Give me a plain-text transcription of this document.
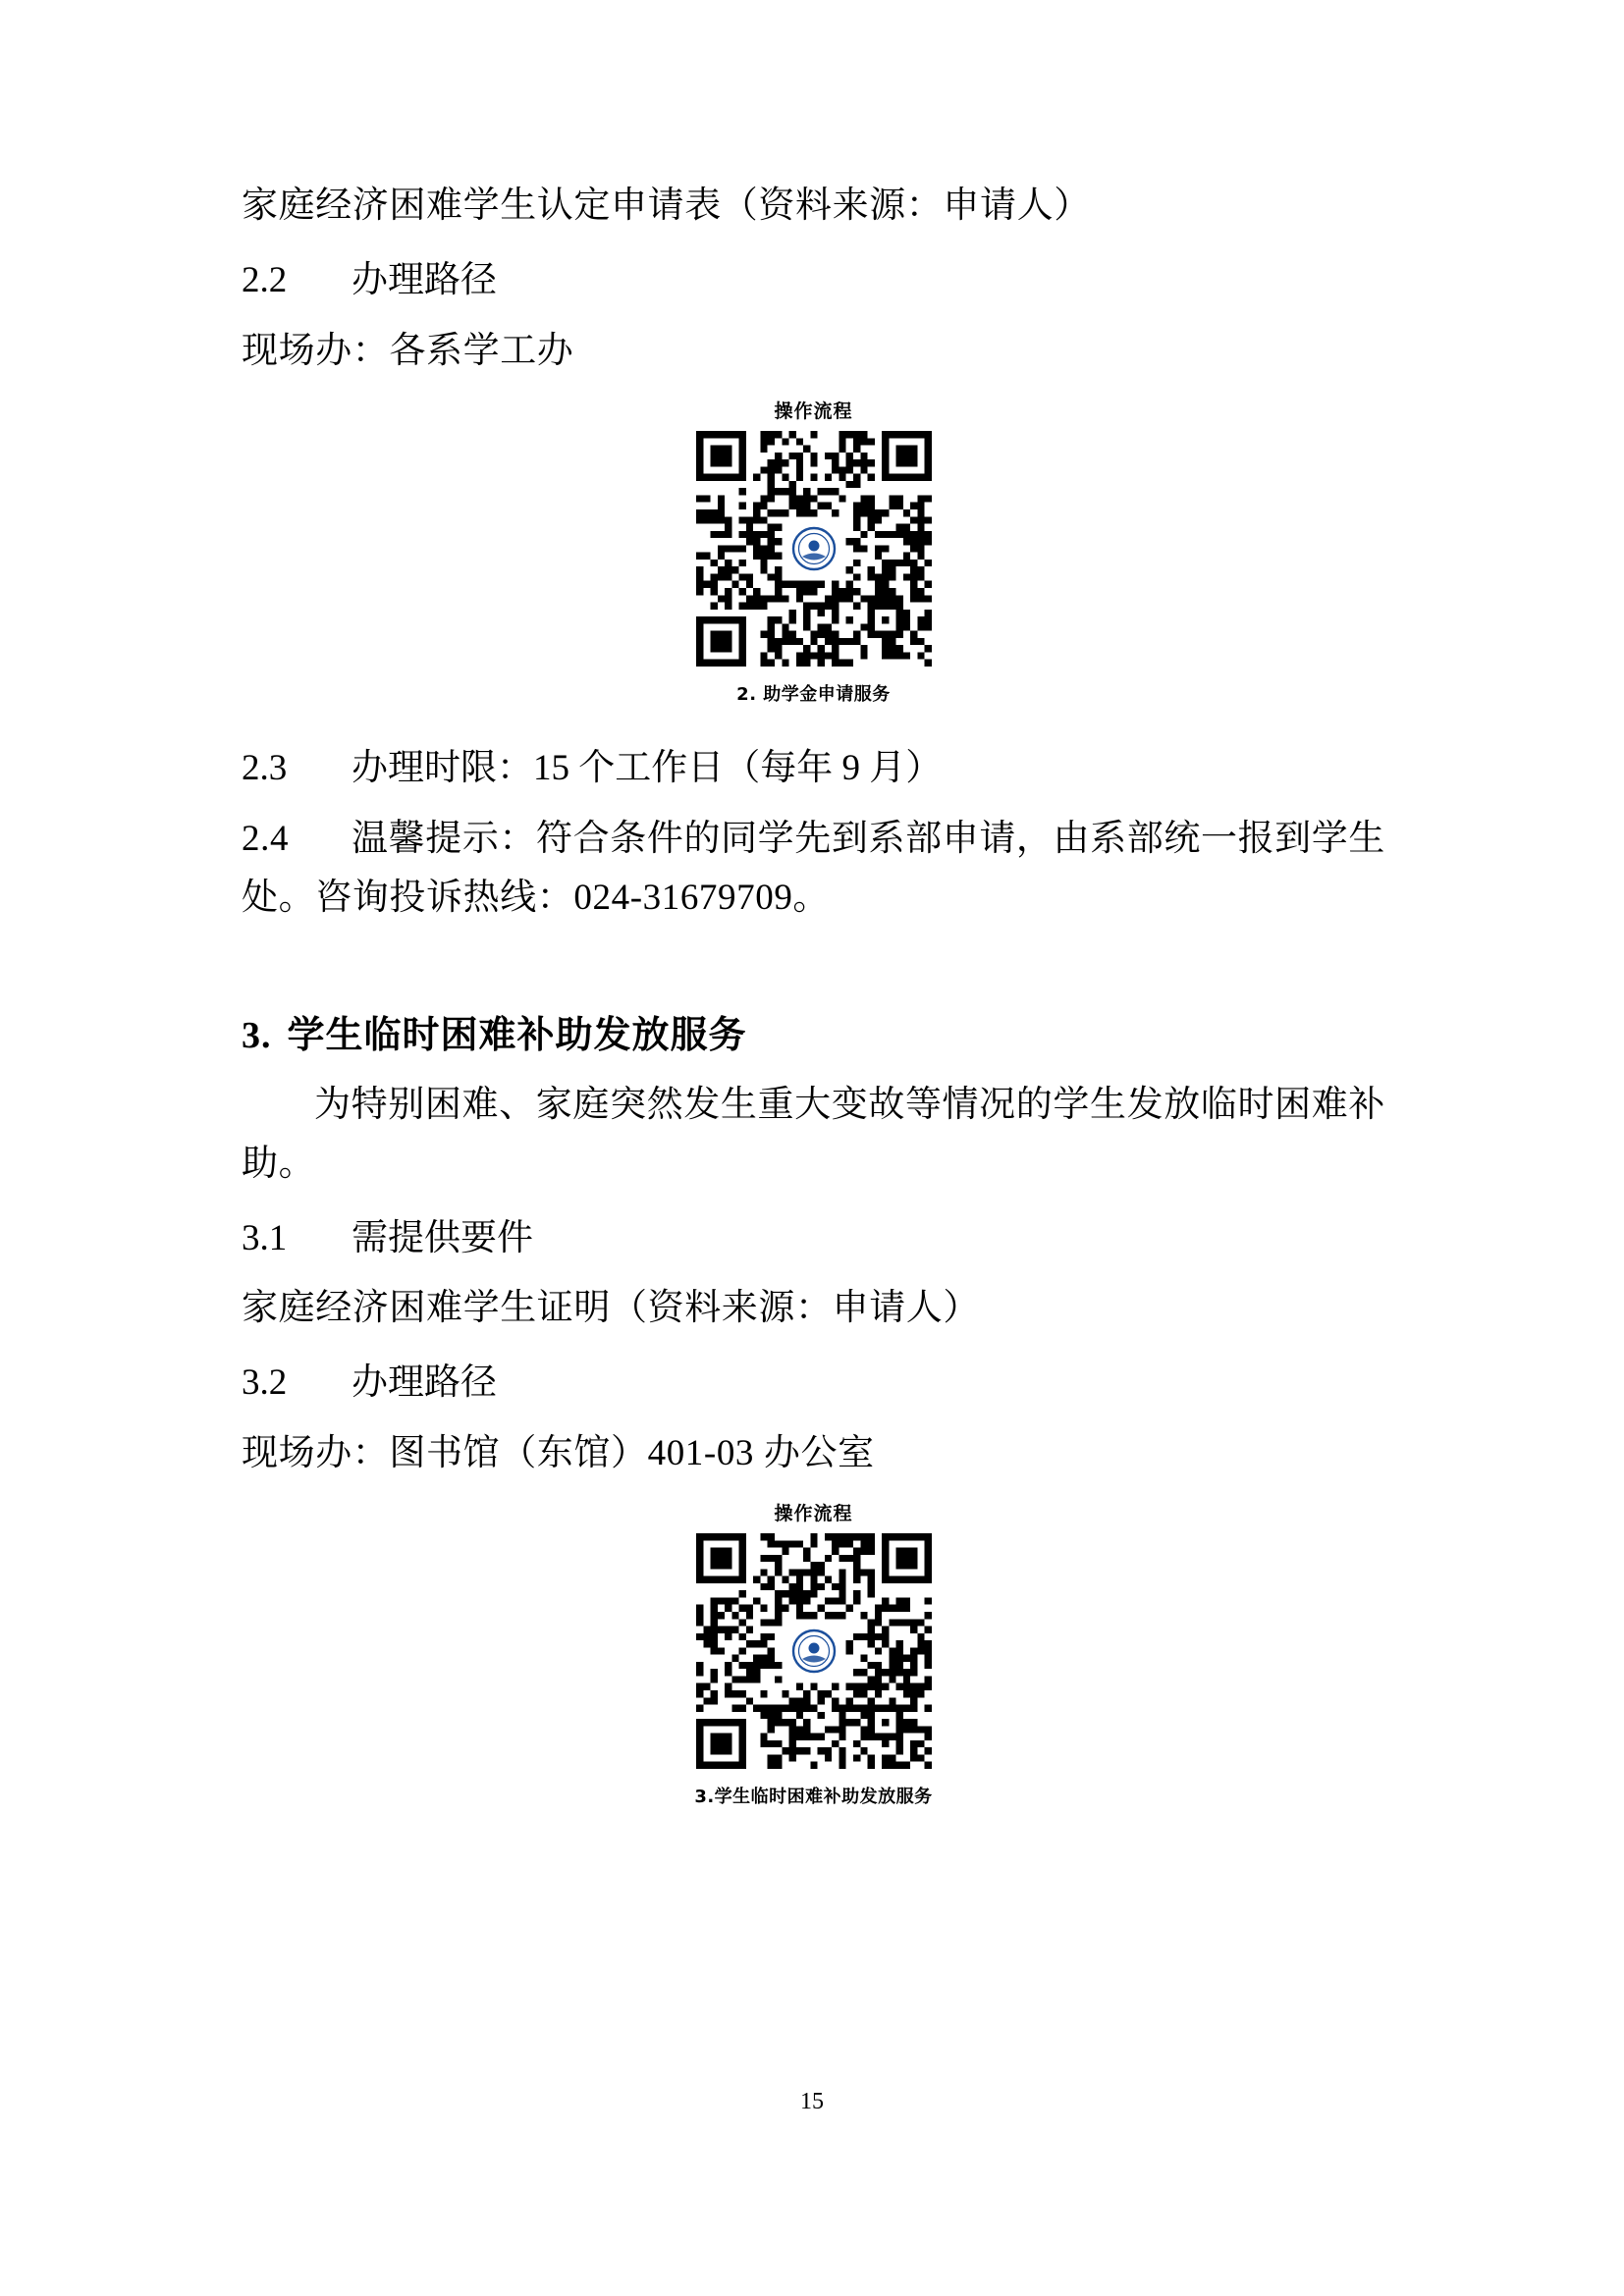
家庭经济困难学生认定申请表（资料来源：申请人）

2.2 办理路径

现场办：各系学工办

操作流程
2. 助学金申请服务

2.3 办理时限：15 个工作日（每年 9 月）

2.4 温馨提示：符合条件的同学先到系部申请，由系部统一报到学生处。咨询投诉热线：024-31679709。

3. 学生临时困难补助发放服务

为特别困难、家庭突然发生重大变故等情况的学生发放临时困难补助。

3.1 需提供要件

家庭经济困难学生证明（资料来源：申请人）

3.2 办理路径

现场办：图书馆（东馆）401-03 办公室

操作流程
3.学生临时困难补助发放服务
15
